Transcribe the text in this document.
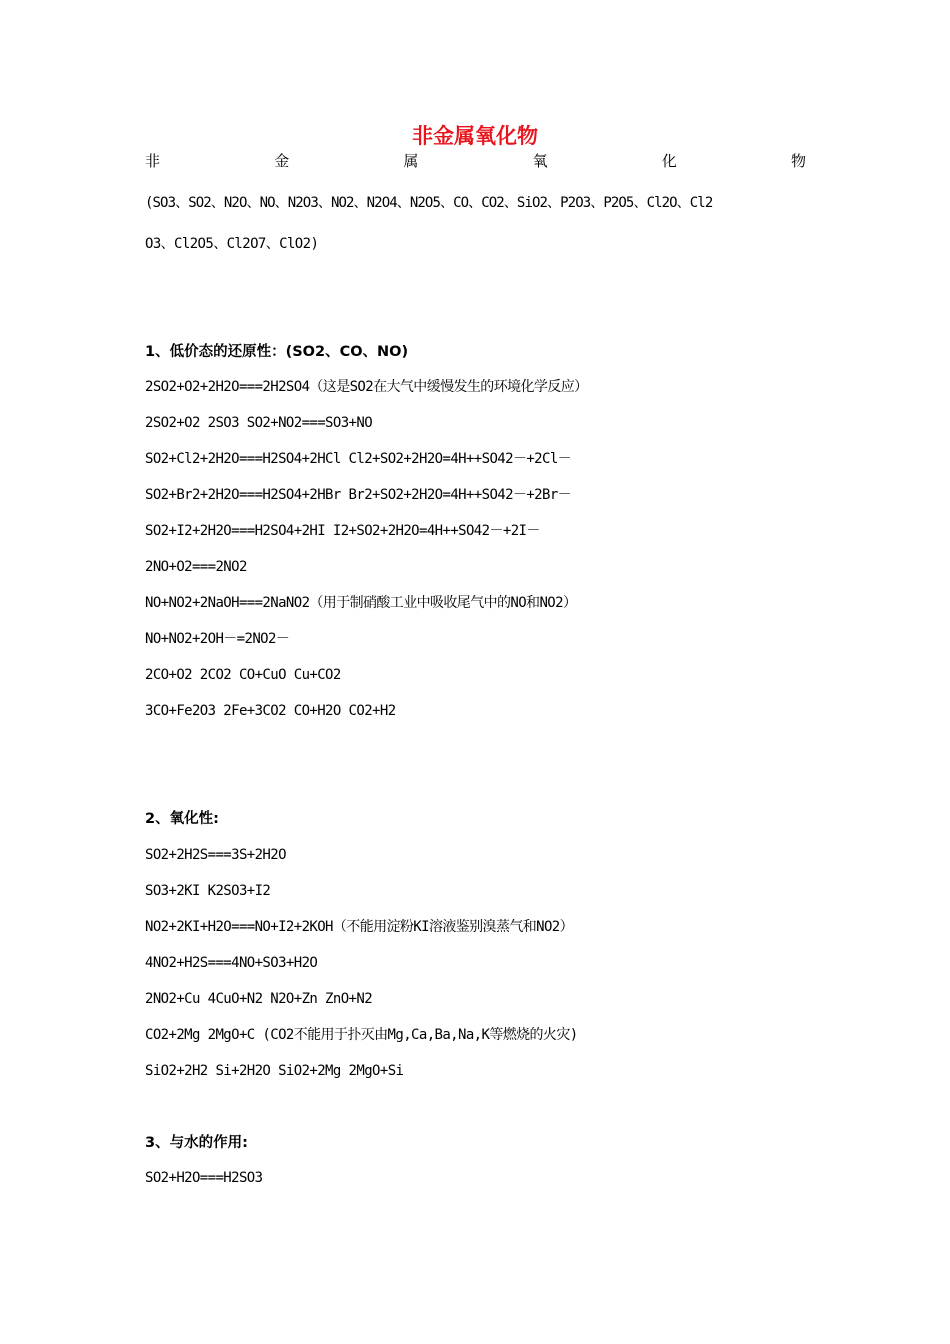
非金属氧化物
非	金	属	氧	化	物
(SO3、SO2、N2O、NO、N2O3、NO2、N2O4、N2O5、CO、CO2、SiO2、P2O3、P2O5、Cl2O、Cl2
O3、Cl2O5、Cl2O7、ClO2)
1、低价态的还原性：(SO2、CO、NO)
2SO2+O2+2H2O===2H2SO4（这是SO2在大气中缓慢发生的环境化学反应）
2SO2+O2 2SO3 SO2+NO2===SO3+NO
SO2+Cl2+2H2O===H2SO4+2HCl Cl2+SO2+2H2O=4H++SO42－+2Cl－
SO2+Br2+2H2O===H2SO4+2HBr Br2+SO2+2H2O=4H++SO42－+2Br－
SO2+I2+2H2O===H2SO4+2HI I2+SO2+2H2O=4H++SO42－+2I－
2NO+O2===2NO2
NO+NO2+2NaOH===2NaNO2（用于制硝酸工业中吸收尾气中的NO和NO2）
NO+NO2+2OH－=2NO2－
2CO+O2 2CO2 CO+CuO Cu+CO2
3CO+Fe2O3 2Fe+3CO2 CO+H2O CO2+H2
2、氧化性:
SO2+2H2S===3S+2H2O
SO3+2KI K2SO3+I2
NO2+2KI+H2O===NO+I2+2KOH（不能用淀粉KI溶液鉴别溴蒸气和NO2）
4NO2+H2S===4NO+SO3+H2O
2NO2+Cu 4CuO+N2 N2O+Zn ZnO+N2
CO2+2Mg 2MgO+C (CO2不能用于扑灭由Mg,Ca,Ba,Na,K等燃烧的火灾)
SiO2+2H2 Si+2H2O SiO2+2Mg 2MgO+Si
3、与水的作用:
SO2+H2O===H2SO3
